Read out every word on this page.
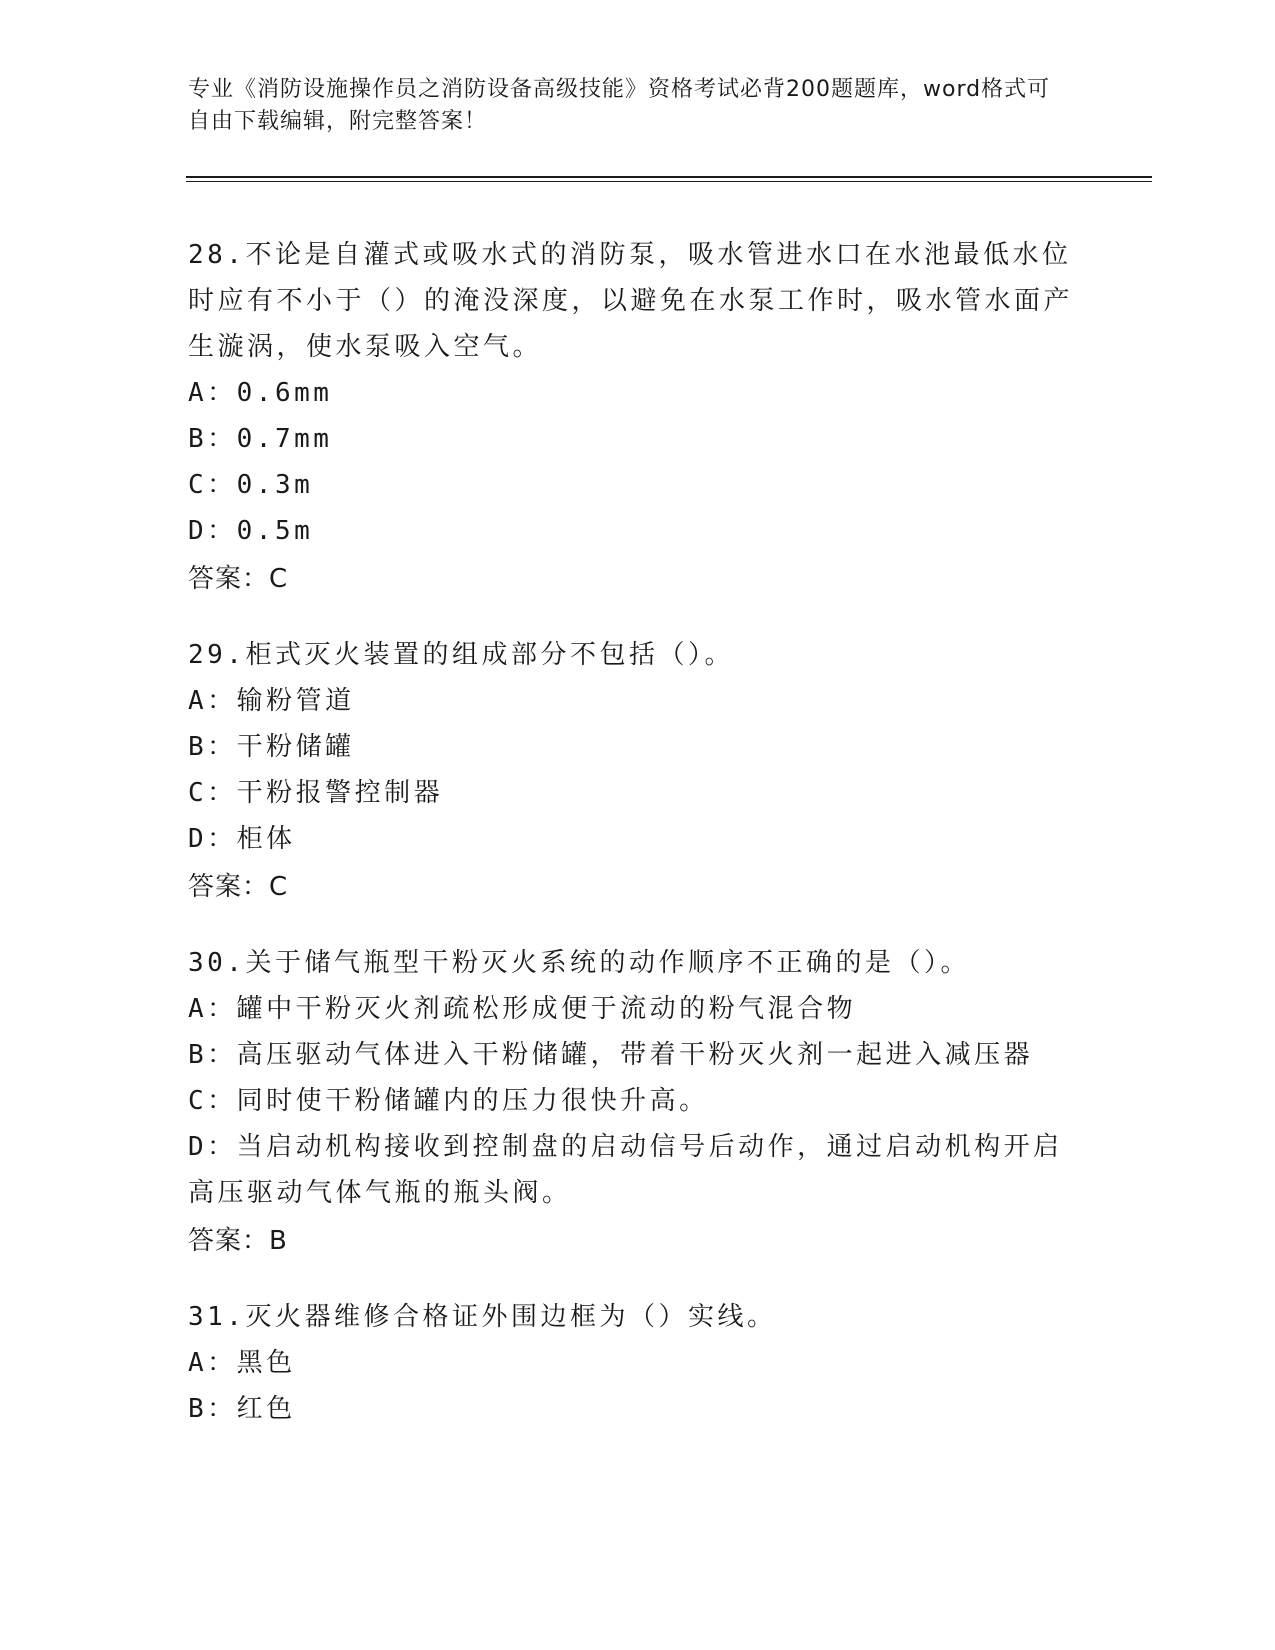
专业《消防设施操作员之消防设备高级技能》资格考试必背200题题库，word格式可自由下载编辑，附完整答案！
28.不论是自灌式或吸水式的消防泵，吸水管进水口在水池最低水位时应有不小于（）的淹没深度，以避免在水泵工作时，吸水管水面产生漩涡，使水泵吸入空气。
A：0.6mm
B：0.7mm
C：0.3m
D：0.5m
答案：C
29.柜式灭火装置的组成部分不包括（）。
A：输粉管道
B：干粉储罐
C：干粉报警控制器
D：柜体
答案：C
30.关于储气瓶型干粉灭火系统的动作顺序不正确的是（）。
A：罐中干粉灭火剂疏松形成便于流动的粉气混合物
B：高压驱动气体进入干粉储罐，带着干粉灭火剂一起进入减压器
C：同时使干粉储罐内的压力很快升高。
D：当启动机构接收到控制盘的启动信号后动作，通过启动机构开启高压驱动气体气瓶的瓶头阀。
答案：B
31.灭火器维修合格证外围边框为（）实线。
A：黑色
B：红色
